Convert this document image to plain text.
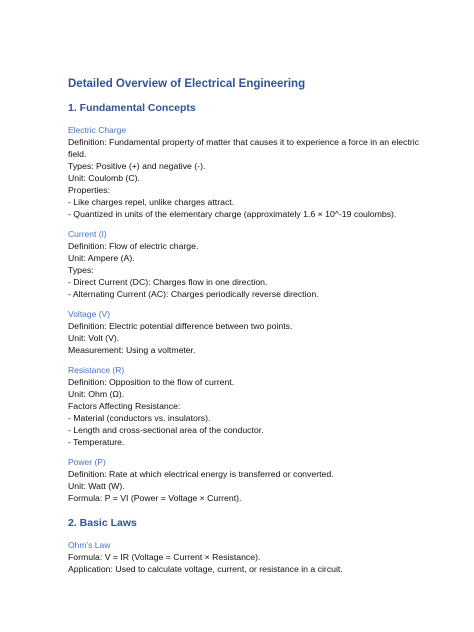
Detailed Overview of Electrical Engineering
1. Fundamental Concepts
Electric Charge
Definition: Fundamental property of matter that causes it to experience a force in an electric
field.
Types: Positive (+) and negative (-).
Unit: Coulomb (C).
Properties:
- Like charges repel, unlike charges attract.
- Quantized in units of the elementary charge (approximately 1.6 × 10^-19 coulombs).
Current (I)
Definition: Flow of electric charge.
Unit: Ampere (A).
Types:
- Direct Current (DC): Charges flow in one direction.
- Alternating Current (AC): Charges periodically reverse direction.
Voltage (V)
Definition: Electric potential difference between two points.
Unit: Volt (V).
Measurement: Using a voltmeter.
Resistance (R)
Definition: Opposition to the flow of current.
Unit: Ohm (Ω).
Factors Affecting Resistance:
- Material (conductors vs. insulators).
- Length and cross-sectional area of the conductor.
- Temperature.
Power (P)
Definition: Rate at which electrical energy is transferred or converted.
Unit: Watt (W).
Formula: P = VI (Power = Voltage × Current).
2. Basic Laws
Ohm’s Law
Formula: V = IR (Voltage = Current × Resistance).
Application: Used to calculate voltage, current, or resistance in a circuit.
